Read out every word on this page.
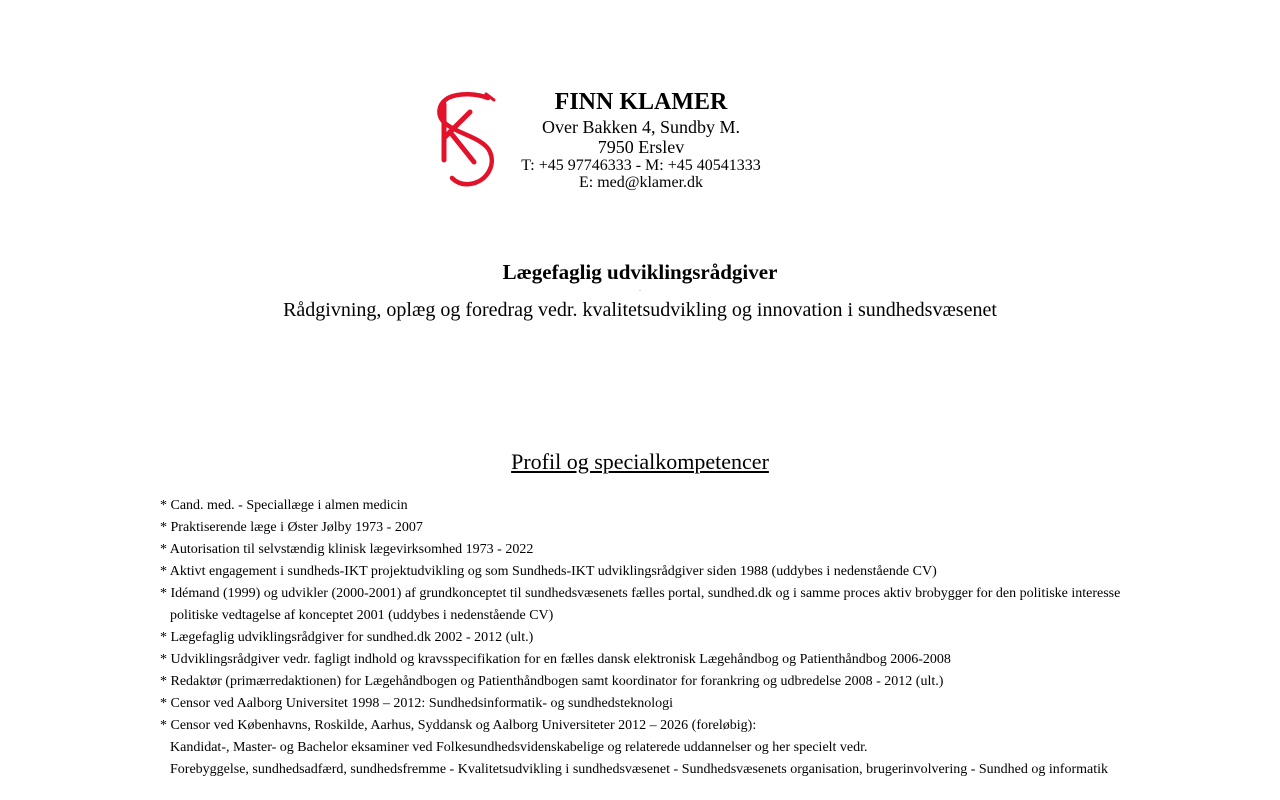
FINN KLAMER
Over Bakken 4, Sundby M.
7950 Erslev
T: +45 97746333 - M: +45 40541333
E: med@klamer.dk
Lægefaglig udviklingsrådgiver
.
Rådgivning, oplæg og foredrag vedr. kvalitetsudvikling og innovation i sundhedsvæsenet
Profil og specialkompetencer
* Cand. med. - Speciallæge i almen medicin
* Praktiserende læge i Øster Jølby 1973 - 2007
* Autorisation til selvstændig klinisk lægevirksomhed 1973 - 2022
* Aktivt engagement i sundheds-IKT projektudvikling og som Sundheds-IKT udviklingsrådgiver siden 1988 (uddybes i nedenstående CV)
* Idémand (1999) og udvikler (2000-2001) af grundkonceptet til sundhedsvæsenets fælles portal, sundhed.dk og i samme proces aktiv brobygger for den politiske interesse
politiske vedtagelse af konceptet 2001 (uddybes i nedenstående CV)
* Lægefaglig udviklingsrådgiver for sundhed.dk 2002 - 2012 (ult.)
* Udviklingsrådgiver vedr. fagligt indhold og kravsspecifikation for en fælles dansk elektronisk Lægehåndbog og Patienthåndbog 2006-2008
* Redaktør (primærredaktionen) for Lægehåndbogen og Patienthåndbogen samt koordinator for forankring og udbredelse 2008 - 2012 (ult.)
* Censor ved Aalborg Universitet 1998 – 2012: Sundhedsinformatik- og sundhedsteknologi
* Censor ved Københavns, Roskilde, Aarhus, Syddansk og Aalborg Universiteter 2012 – 2026 (foreløbig):
Kandidat-, Master- og Bachelor eksaminer ved Folkesundhedsvidenskabelige og relaterede uddannelser og her specielt vedr.
Forebyggelse, sundhedsadfærd, sundhedsfremme - Kvalitetsudvikling i sundhedsvæsenet - Sundhedsvæsenets organisation, brugerinvolvering - Sundhed og informatik
